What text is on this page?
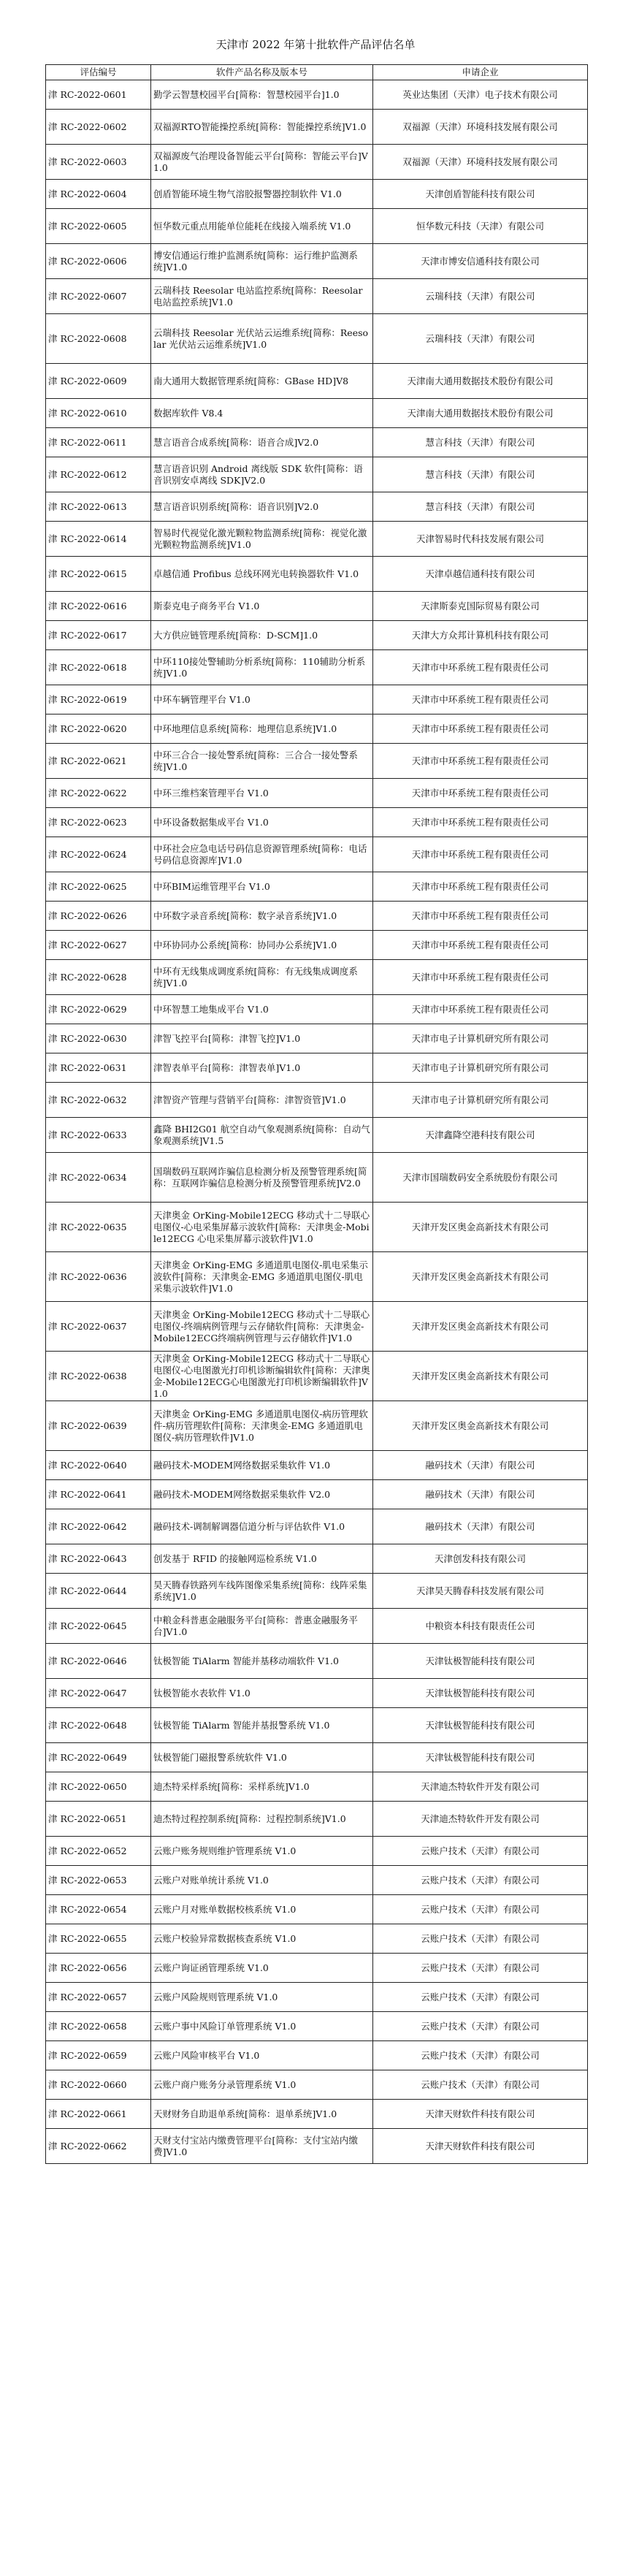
天津市 2022 年第十批软件产品评估名单
评估编号	软件产品名称及版本号	申请企业
津 RC-2022-0601	勤学云智慧校园平台[简称：智慧校园平台]1.0	英业达集团（天津）电子技术有限公司
津 RC-2022-0602	双福源RTO智能操控系统[简称：智能操控系统]V1.0	双福源（天津）环境科技发展有限公司
津 RC-2022-0603	双福源废气治理设备智能云平台[简称：智能云平台]V1.0	双福源（天津）环境科技发展有限公司
津 RC-2022-0604	创盾智能环境生物气溶胶报警器控制软件 V1.0	天津创盾智能科技有限公司
津 RC-2022-0605	恒华数元重点用能单位能耗在线接入端系统 V1.0	恒华数元科技（天津）有限公司
津 RC-2022-0606	博安信通运行维护监测系统[简称：运行维护监测系统]V1.0	天津市博安信通科技有限公司
津 RC-2022-0607	云瑞科技 Reesolar 电站监控系统[简称：Reesolar 电站监控系统]V1.0	云瑞科技（天津）有限公司
津 RC-2022-0608	云瑞科技 Reesolar 光伏站云运维系统[简称：Reesolar 光伏站云运维系统]V1.0	云瑞科技（天津）有限公司
津 RC-2022-0609	南大通用大数据管理系统[简称：GBase HD]V8	天津南大通用数据技术股份有限公司
津 RC-2022-0610	数据库软件 V8.4	天津南大通用数据技术股份有限公司
津 RC-2022-0611	慧言语音合成系统[简称：语音合成]V2.0	慧言科技（天津）有限公司
津 RC-2022-0612	慧言语音识别 Android 离线版 SDK 软件[简称：语音识别安卓离线 SDK]V2.0	慧言科技（天津）有限公司
津 RC-2022-0613	慧言语音识别系统[简称：语音识别]V2.0	慧言科技（天津）有限公司
津 RC-2022-0614	智易时代视觉化激光颗粒物监测系统[简称：视觉化激光颗粒物监测系统]V1.0	天津智易时代科技发展有限公司
津 RC-2022-0615	卓越信通 Profibus 总线环网光电转换器软件 V1.0	天津卓越信通科技有限公司
津 RC-2022-0616	斯泰克电子商务平台 V1.0	天津斯泰克国际贸易有限公司
津 RC-2022-0617	大方供应链管理系统[简称：D-SCM]1.0	天津大方众邦计算机科技有限公司
津 RC-2022-0618	中环110接处警辅助分析系统[简称：110辅助分析系统]V1.0	天津市中环系统工程有限责任公司
津 RC-2022-0619	中环车辆管理平台 V1.0	天津市中环系统工程有限责任公司
津 RC-2022-0620	中环地理信息系统[简称：地理信息系统]V1.0	天津市中环系统工程有限责任公司
津 RC-2022-0621	中环三合合一接处警系统[简称：三合合一接处警系统]V1.0	天津市中环系统工程有限责任公司
津 RC-2022-0622	中环三维档案管理平台 V1.0	天津市中环系统工程有限责任公司
津 RC-2022-0623	中环设备数据集成平台 V1.0	天津市中环系统工程有限责任公司
津 RC-2022-0624	中环社会应急电话号码信息资源管理系统[简称：电话号码信息资源库]V1.0	天津市中环系统工程有限责任公司
津 RC-2022-0625	中环BIM运维管理平台 V1.0	天津市中环系统工程有限责任公司
津 RC-2022-0626	中环数字录音系统[简称：数字录音系统]V1.0	天津市中环系统工程有限责任公司
津 RC-2022-0627	中环协同办公系统[简称：协同办公系统]V1.0	天津市中环系统工程有限责任公司
津 RC-2022-0628	中环有无线集成调度系统[简称：有无线集成调度系统]V1.0	天津市中环系统工程有限责任公司
津 RC-2022-0629	中环智慧工地集成平台 V1.0	天津市中环系统工程有限责任公司
津 RC-2022-0630	津智飞控平台[简称：津智飞控]V1.0	天津市电子计算机研究所有限公司
津 RC-2022-0631	津智表单平台[简称：津智表单]V1.0	天津市电子计算机研究所有限公司
津 RC-2022-0632	津智资产管理与营销平台[简称：津智资管]V1.0	天津市电子计算机研究所有限公司
津 RC-2022-0633	鑫降 BHI2G01 航空自动气象观测系统[简称：自动气象观测系统]V1.5	天津鑫降空港科技有限公司
津 RC-2022-0634	国瑞数码互联网诈骗信息检测分析及预警管理系统[简称：互联网诈骗信息检测分析及预警管理系统]V2.0	天津市国瑞数码安全系统股份有限公司
津 RC-2022-0635	天津奥金 OrKing-Mobile12ECG 移动式十二导联心电图仪-心电采集屏幕示波软件[简称：天津奥金-Mobile12ECG 心电采集屏幕示波软件]V1.0	天津开发区奥金高新技术有限公司
津 RC-2022-0636	天津奥金 OrKing-EMG 多通道肌电图仪-肌电采集示波软件[简称：天津奥金-EMG 多通道肌电图仪-肌电采集示波软件]V1.0	天津开发区奥金高新技术有限公司
津 RC-2022-0637	天津奥金 OrKing-Mobile12ECG 移动式十二导联心电图仪-终端病例管理与云存储软件[简称：天津奥金-Mobile12ECG终端病例管理与云存储软件]V1.0	天津开发区奥金高新技术有限公司
津 RC-2022-0638	天津奥金 OrKing-Mobile12ECG 移动式十二导联心电图仪-心电图激光打印机诊断编辑软件[简称：天津奥金-Mobile12ECG心电图激光打印机诊断编辑软件]V1.0	天津开发区奥金高新技术有限公司
津 RC-2022-0639	天津奥金 OrKing-EMG 多通道肌电图仪-病历管理软件-病历管理软件[简称：天津奥金-EMG 多通道肌电图仪-病历管理软件]V1.0	天津开发区奥金高新技术有限公司
津 RC-2022-0640	融码技术-MODEM网络数据采集软件 V1.0	融码技术（天津）有限公司
津 RC-2022-0641	融码技术-MODEM网络数据采集软件 V2.0	融码技术（天津）有限公司
津 RC-2022-0642	融码技术-调制解调器信道分析与评估软件 V1.0	融码技术（天津）有限公司
津 RC-2022-0643	创发基于 RFID 的接触网巡检系统 V1.0	天津创发科技有限公司
津 RC-2022-0644	昊天腾春铁路列车线阵图像采集系统[简称：线阵采集系统]V1.0	天津昊天腾春科技发展有限公司
津 RC-2022-0645	中粮金科普惠金融服务平台[简称：普惠金融服务平台]V1.0	中粮资本科技有限责任公司
津 RC-2022-0646	钛极智能 TiAlarm 智能并基移动端软件 V1.0	天津钛极智能科技有限公司
津 RC-2022-0647	钛极智能水表软件 V1.0	天津钛极智能科技有限公司
津 RC-2022-0648	钛极智能 TiAlarm 智能并基报警系统 V1.0	天津钛极智能科技有限公司
津 RC-2022-0649	钛极智能门磁报警系统软件 V1.0	天津钛极智能科技有限公司
津 RC-2022-0650	迪杰特采样系统[简称：采样系统]V1.0	天津迪杰特软件开发有限公司
津 RC-2022-0651	迪杰特过程控制系统[简称：过程控制系统]V1.0	天津迪杰特软件开发有限公司
津 RC-2022-0652	云账户账务规则维护管理系统 V1.0	云账户技术（天津）有限公司
津 RC-2022-0653	云账户对账单统计系统 V1.0	云账户技术（天津）有限公司
津 RC-2022-0654	云账户月对账单数据校核系统 V1.0	云账户技术（天津）有限公司
津 RC-2022-0655	云账户校验异常数据核查系统 V1.0	云账户技术（天津）有限公司
津 RC-2022-0656	云账户询证函管理系统 V1.0	云账户技术（天津）有限公司
津 RC-2022-0657	云账户风险规则管理系统 V1.0	云账户技术（天津）有限公司
津 RC-2022-0658	云账户事中风险订单管理系统 V1.0	云账户技术（天津）有限公司
津 RC-2022-0659	云账户风险审核平台 V1.0	云账户技术（天津）有限公司
津 RC-2022-0660	云账户商户账务分录管理系统 V1.0	云账户技术（天津）有限公司
津 RC-2022-0661	天财财务自助退单系统[简称：退单系统]V1.0	天津天财软件科技有限公司
津 RC-2022-0662	天财支付宝站内缴费管理平台[简称：支付宝站内缴费]V1.0	天津天财软件科技有限公司
